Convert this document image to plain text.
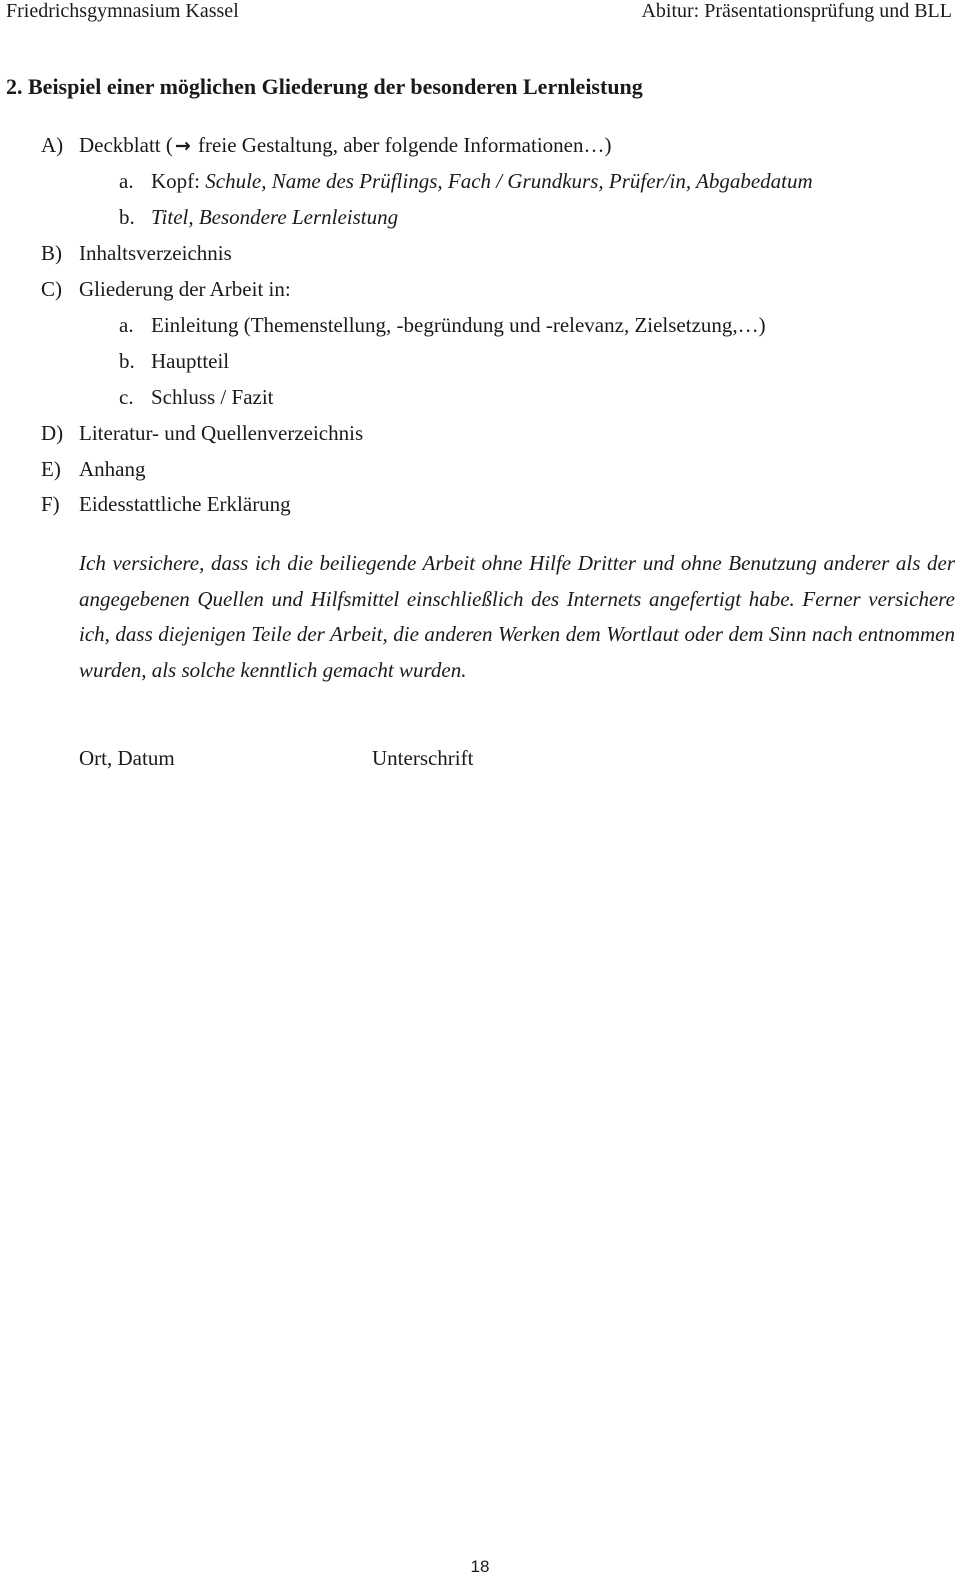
Friedrichsgymnasium Kassel	Abitur: Präsentationsprüfung und BLL
2. Beispiel einer möglichen Gliederung der besonderen Lernleistung
A) Deckblatt ( → freie Gestaltung, aber folgende Informationen…)
a. Kopf: Schule, Name des Prüflings, Fach / Grundkurs, Prüfer/in, Abgabedatum
b. Titel, Besondere Lernleistung
B) Inhaltsverzeichnis
C) Gliederung der Arbeit in:
a. Einleitung (Themenstellung, -begründung und -relevanz, Zielsetzung,…)
b. Hauptteil
c. Schluss / Fazit
D) Literatur- und Quellenverzeichnis
E) Anhang
F) Eidesstattliche Erklärung
Ich versichere, dass ich die beiliegende Arbeit ohne Hilfe Dritter und ohne Benutzung anderer als der angegebenen Quellen und Hilfsmittel einschließlich des Internets angefertigt habe. Ferner versichere ich, dass diejenigen Teile der Arbeit, die anderen Werken dem Wortlaut oder dem Sinn nach entnommen wurden, als solche kenntlich gemacht wurden.
Ort, Datum	Unterschrift
18
